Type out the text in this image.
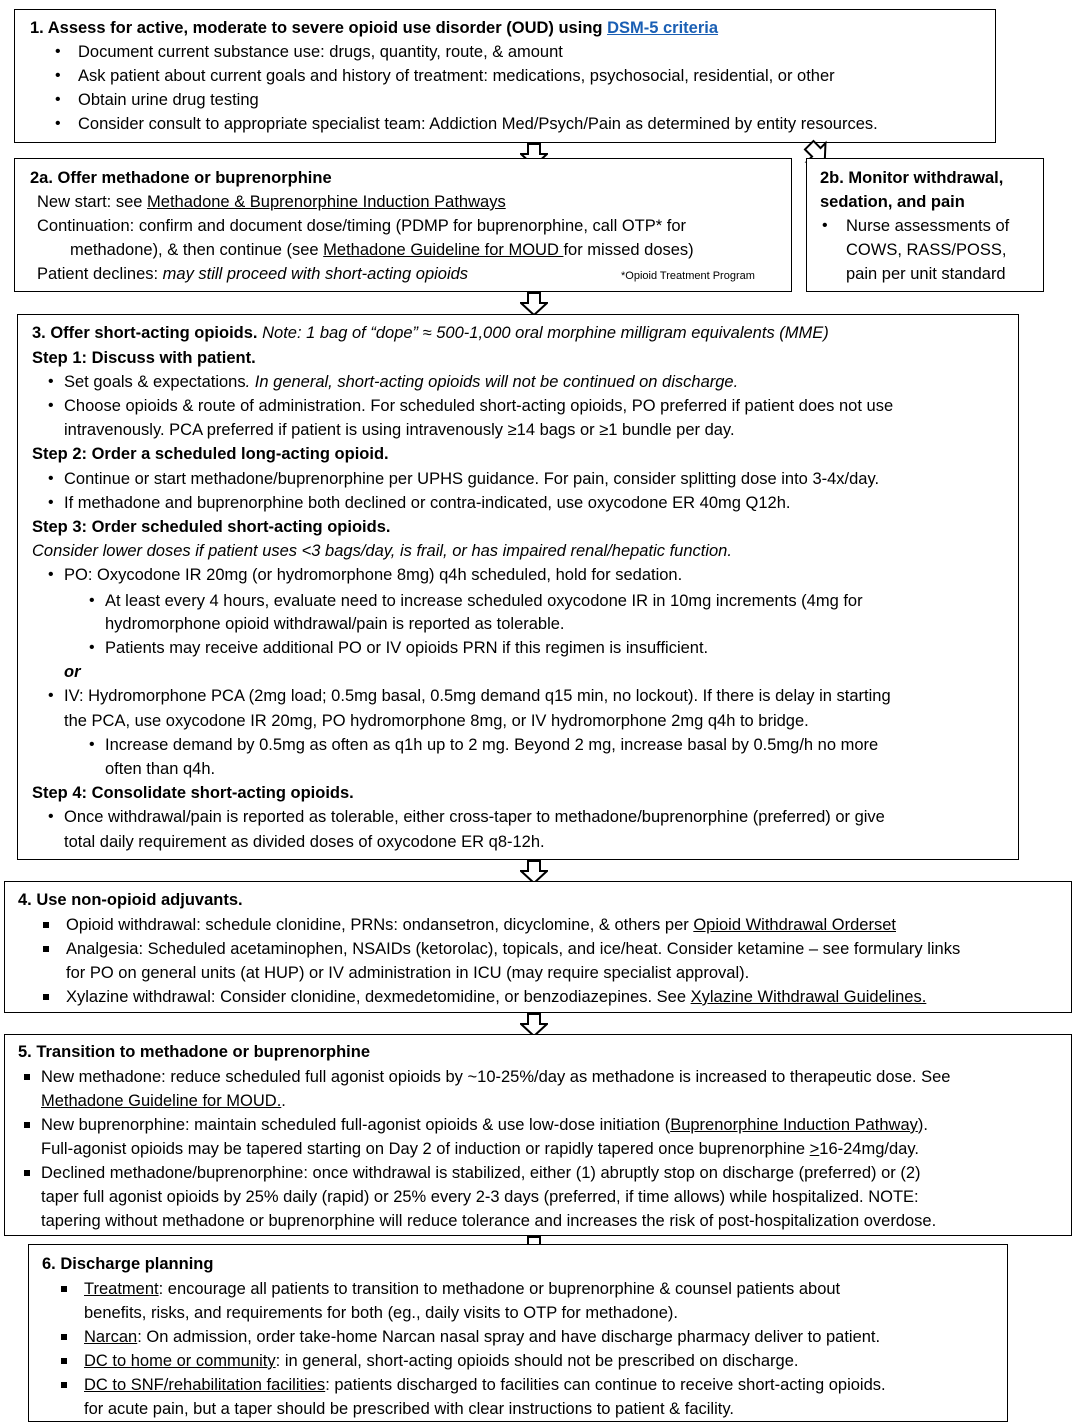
1. Assess for active, moderate to severe opioid use disorder (OUD) using DSM-5 criteria
• Document current substance use: drugs, quantity, route, & amount
• Ask patient about current goals and history of treatment: medications, psychosocial, residential, or other
• Obtain urine drug testing
• Consider consult to appropriate specialist team: Addiction Med/Psych/Pain as determined by entity resources.
2a. Offer methadone or buprenorphine
New start: see Methadone & Buprenorphine Induction Pathways
Continuation: confirm and document dose/timing (PDMP for buprenorphine, call OTP* for
methadone), & then continue (see Methadone Guideline for MOUD for missed doses)
Patient declines: may still proceed with short-acting opioids	*Opioid Treatment Program
2b. Monitor withdrawal,
sedation, and pain
• Nurse assessments of
COWS, RASS/POSS,
pain per unit standard
3. Offer short-acting opioids. Note: 1 bag of “dope” ≈ 500-1,000 oral morphine milligram equivalents (MME)
Step 1: Discuss with patient.
• Set goals & expectations. In general, short-acting opioids will not be continued on discharge.
• Choose opioids & route of administration. For scheduled short-acting opioids, PO preferred if patient does not use
intravenously. PCA preferred if patient is using intravenously ≥14 bags or ≥1 bundle per day.
Step 2: Order a scheduled long-acting opioid.
• Continue or start methadone/buprenorphine per UPHS guidance. For pain, consider splitting dose into 3-4x/day.
• If methadone and buprenorphine both declined or contra-indicated, use oxycodone ER 40mg Q12h.
Step 3: Order scheduled short-acting opioids.
Consider lower doses if patient uses <3 bags/day, is frail, or has impaired renal/hepatic function.
• PO: Oxycodone IR 20mg (or hydromorphone 8mg) q4h scheduled, hold for sedation.
• At least every 4 hours, evaluate need to increase scheduled oxycodone IR in 10mg increments (4mg for
hydromorphone opioid withdrawal/pain is reported as tolerable.
• Patients may receive additional PO or IV opioids PRN if this regimen is insufficient.
or
• IV: Hydromorphone PCA (2mg load; 0.5mg basal, 0.5mg demand q15 min, no lockout). If there is delay in starting
the PCA, use oxycodone IR 20mg, PO hydromorphone 8mg, or IV hydromorphone 2mg q4h to bridge.
• Increase demand by 0.5mg as often as q1h up to 2 mg. Beyond 2 mg, increase basal by 0.5mg/h no more
often than q4h.
Step 4: Consolidate short-acting opioids.
• Once withdrawal/pain is reported as tolerable, either cross-taper to methadone/buprenorphine (preferred) or give
total daily requirement as divided doses of oxycodone ER q8-12h.
4. Use non-opioid adjuvants.
Opioid withdrawal: schedule clonidine, PRNs: ondansetron, dicyclomine, & others per Opioid Withdrawal Orderset
Analgesia: Scheduled acetaminophen, NSAIDs (ketorolac), topicals, and ice/heat. Consider ketamine – see formulary links
for PO on general units (at HUP) or IV administration in ICU (may require specialist approval).
Xylazine withdrawal: Consider clonidine, dexmedetomidine, or benzodiazepines. See Xylazine Withdrawal Guidelines.
5. Transition to methadone or buprenorphine
New methadone: reduce scheduled full agonist opioids by ~10-25%/day as methadone is increased to therapeutic dose. See
Methadone Guideline for MOUD..
New buprenorphine: maintain scheduled full-agonist opioids & use low-dose initiation (Buprenorphine Induction Pathway).
Full-agonist opioids may be tapered starting on Day 2 of induction or rapidly tapered once buprenorphine >16-24mg/day.
Declined methadone/buprenorphine: once withdrawal is stabilized, either (1) abruptly stop on discharge (preferred) or (2)
taper full agonist opioids by 25% daily (rapid) or 25% every 2-3 days (preferred, if time allows) while hospitalized. NOTE:
tapering without methadone or buprenorphine will reduce tolerance and increases the risk of post-hospitalization overdose.
6. Discharge planning
Treatment: encourage all patients to transition to methadone or buprenorphine & counsel patients about
benefits, risks, and requirements for both (eg., daily visits to OTP for methadone).
Narcan: On admission, order take-home Narcan nasal spray and have discharge pharmacy deliver to patient.
DC to home or community: in general, short-acting opioids should not be prescribed on discharge.
DC to SNF/rehabilitation facilities: patients discharged to facilities can continue to receive short-acting opioids.
for acute pain, but a taper should be prescribed with clear instructions to patient & facility.
